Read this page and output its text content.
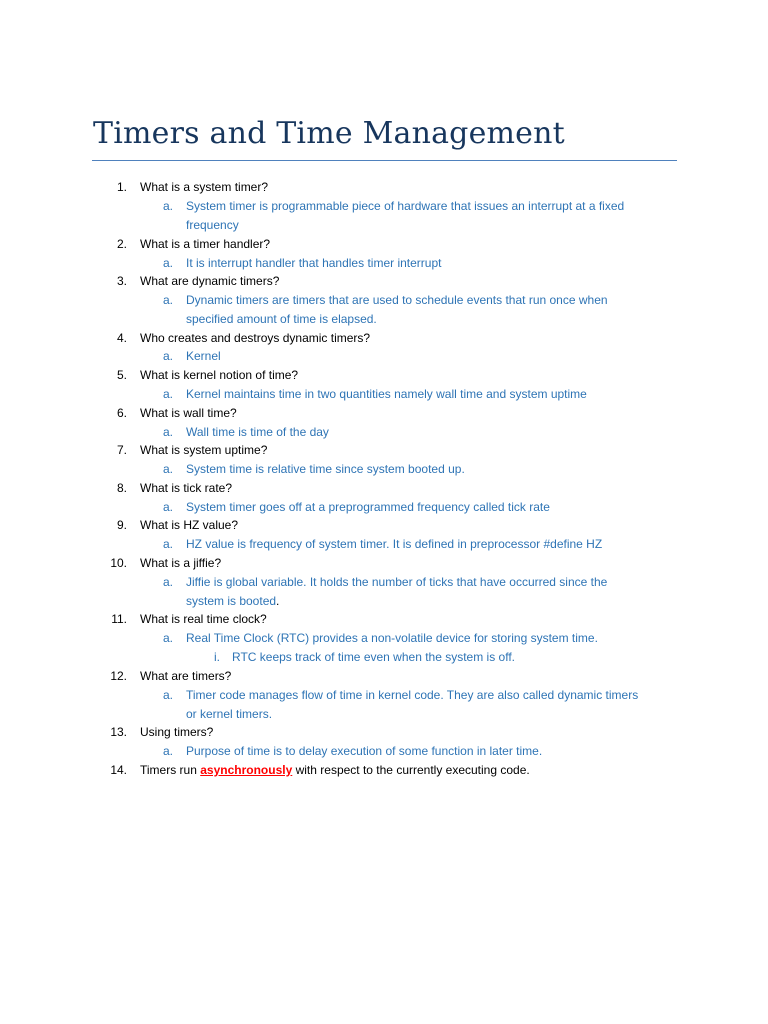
Timers and Time Management
1. What is a system timer?
a. System timer is programmable piece of hardware that issues an interrupt at a fixed
frequency
2. What is a timer handler?
a. It is interrupt handler that handles timer interrupt
3. What are dynamic timers?
a. Dynamic timers are timers that are used to schedule events that run once when
specified amount of time is elapsed.
4. Who creates and destroys dynamic timers?
a. Kernel
5. What is kernel notion of time?
a. Kernel maintains time in two quantities namely wall time and system uptime
6. What is wall time?
a. Wall time is time of the day
7. What is system uptime?
a. System time is relative time since system booted up.
8. What is tick rate?
a. System timer goes off at a preprogrammed frequency called tick rate
9. What is HZ value?
a. HZ value is frequency of system timer. It is defined in preprocessor #define HZ
10. What is a jiffie?
a. Jiffie is global variable. It holds the number of ticks that have occurred since the
system is booted.
11. What is real time clock?
a. Real Time Clock (RTC) provides a non-volatile device for storing system time.
i. RTC keeps track of time even when the system is off.
12. What are timers?
a. Timer code manages flow of time in kernel code. They are also called dynamic timers
or kernel timers.
13. Using timers?
a. Purpose of time is to delay execution of some function in later time.
14. Timers run asynchronously with respect to the currently executing code.
